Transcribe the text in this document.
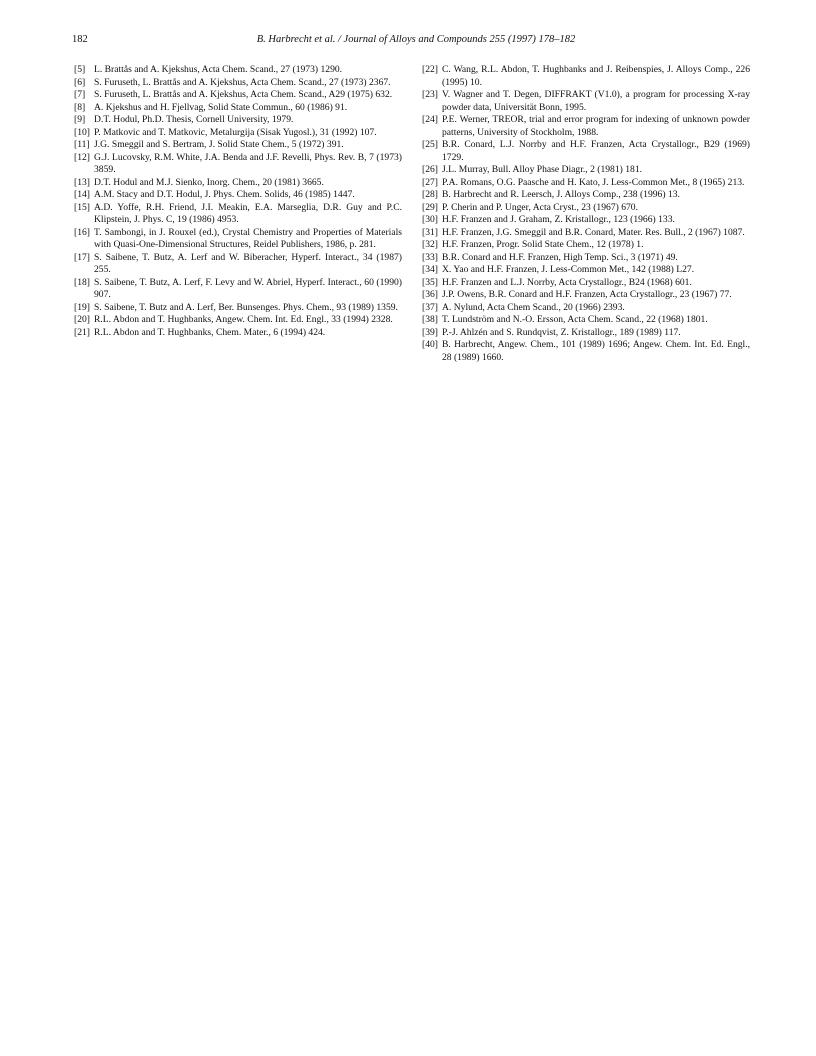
182	B. Harbrecht et al. / Journal of Alloys and Compounds 255 (1997) 178–182

[5] L. Brattås and A. Kjekshus, Acta Chem. Scand., 27 (1973) 1290.

[6] S. Furuseth, L. Brattås and A. Kjekshus, Acta Chem. Scand., 27 (1973) 2367.

[7] S. Furuseth, L. Brattås and A. Kjekshus, Acta Chem. Scand., A29 (1975) 632.

[8] A. Kjekshus and H. Fjellvag, Solid State Commun., 60 (1986) 91.

[9] D.T. Hodul, Ph.D. Thesis, Cornell University, 1979.

[10] P. Matkovic and T. Matkovic, Metalurgija (Sisak Yugosl.), 31 (1992) 107.

[11] J.G. Smeggil and S. Bertram, J. Solid State Chem., 5 (1972) 391.

[12] G.J. Lucovsky, R.M. White, J.A. Benda and J.F. Revelli, Phys. Rev. B, 7 (1973) 3859.

[13] D.T. Hodul and M.J. Sienko, Inorg. Chem., 20 (1981) 3665.

[14] A.M. Stacy and D.T. Hodul, J. Phys. Chem. Solids, 46 (1985) 1447.

[15] A.D. Yoffe, R.H. Friend, J.I. Meakin, E.A. Marseglia, D.R. Guy and P.C. Klipstein, J. Phys. C, 19 (1986) 4953.

[16] T. Sambongi, in J. Rouxel (ed.), Crystal Chemistry and Properties of Materials with Quasi-One-Dimensional Structures, Reidel Publishers, 1986, p. 281.

[17] S. Saibene, T. Butz, A. Lerf and W. Biberacher, Hyperf. Interact., 34 (1987) 255.

[18] S. Saibene, T. Butz, A. Lerf, F. Levy and W. Abriel, Hyperf. Interact., 60 (1990) 907.

[19] S. Saibene, T. Butz and A. Lerf, Ber. Bunsenges. Phys. Chem., 93 (1989) 1359.

[20] R.L. Abdon and T. Hughbanks, Angew. Chem. Int. Ed. Engl., 33 (1994) 2328.

[21] R.L. Abdon and T. Hughbanks, Chem. Mater., 6 (1994) 424.

[22] C. Wang, R.L. Abdon, T. Hughbanks and J. Reibenspies, J. Alloys Comp., 226 (1995) 10.

[23] V. Wagner and T. Degen, DIFFRAKT (V1.0), a program for processing X-ray powder data, Universität Bonn, 1995.

[24] P.E. Werner, TREOR, trial and error program for indexing of unknown powder patterns, University of Stockholm, 1988.

[25] B.R. Conard, L.J. Norrby and H.F. Franzen, Acta Crystallogr., B29 (1969) 1729.

[26] J.L. Murray, Bull. Alloy Phase Diagr., 2 (1981) 181.

[27] P.A. Romans, O.G. Paasche and H. Kato, J. Less-Common Met., 8 (1965) 213.

[28] B. Harbrecht and R. Leersch, J. Alloys Comp., 238 (1996) 13.

[29] P. Cherin and P. Unger, Acta Cryst., 23 (1967) 670.

[30] H.F. Franzen and J. Graham, Z. Kristallogr., 123 (1966) 133.

[31] H.F. Franzen, J.G. Smeggil and B.R. Conard, Mater. Res. Bull., 2 (1967) 1087.

[32] H.F. Franzen, Progr. Solid State Chem., 12 (1978) 1.

[33] B.R. Conard and H.F. Franzen, High Temp. Sci., 3 (1971) 49.

[34] X. Yao and H.F. Franzen, J. Less-Common Met., 142 (1988) L27.

[35] H.F. Franzen and L.J. Norrby, Acta Crystallogr., B24 (1968) 601.

[36] J.P. Owens, B.R. Conard and H.F. Franzen, Acta Crystallogr., 23 (1967) 77.

[37] A. Nylund, Acta Chem Scand., 20 (1966) 2393.

[38] T. Lundström and N.-O. Ersson, Acta Chem. Scand., 22 (1968) 1801.

[39] P.-J. Ahlzén and S. Rundqvist, Z. Kristallogr., 189 (1989) 117.

[40] B. Harbrecht, Angew. Chem., 101 (1989) 1696; Angew. Chem. Int. Ed. Engl., 28 (1989) 1660.
